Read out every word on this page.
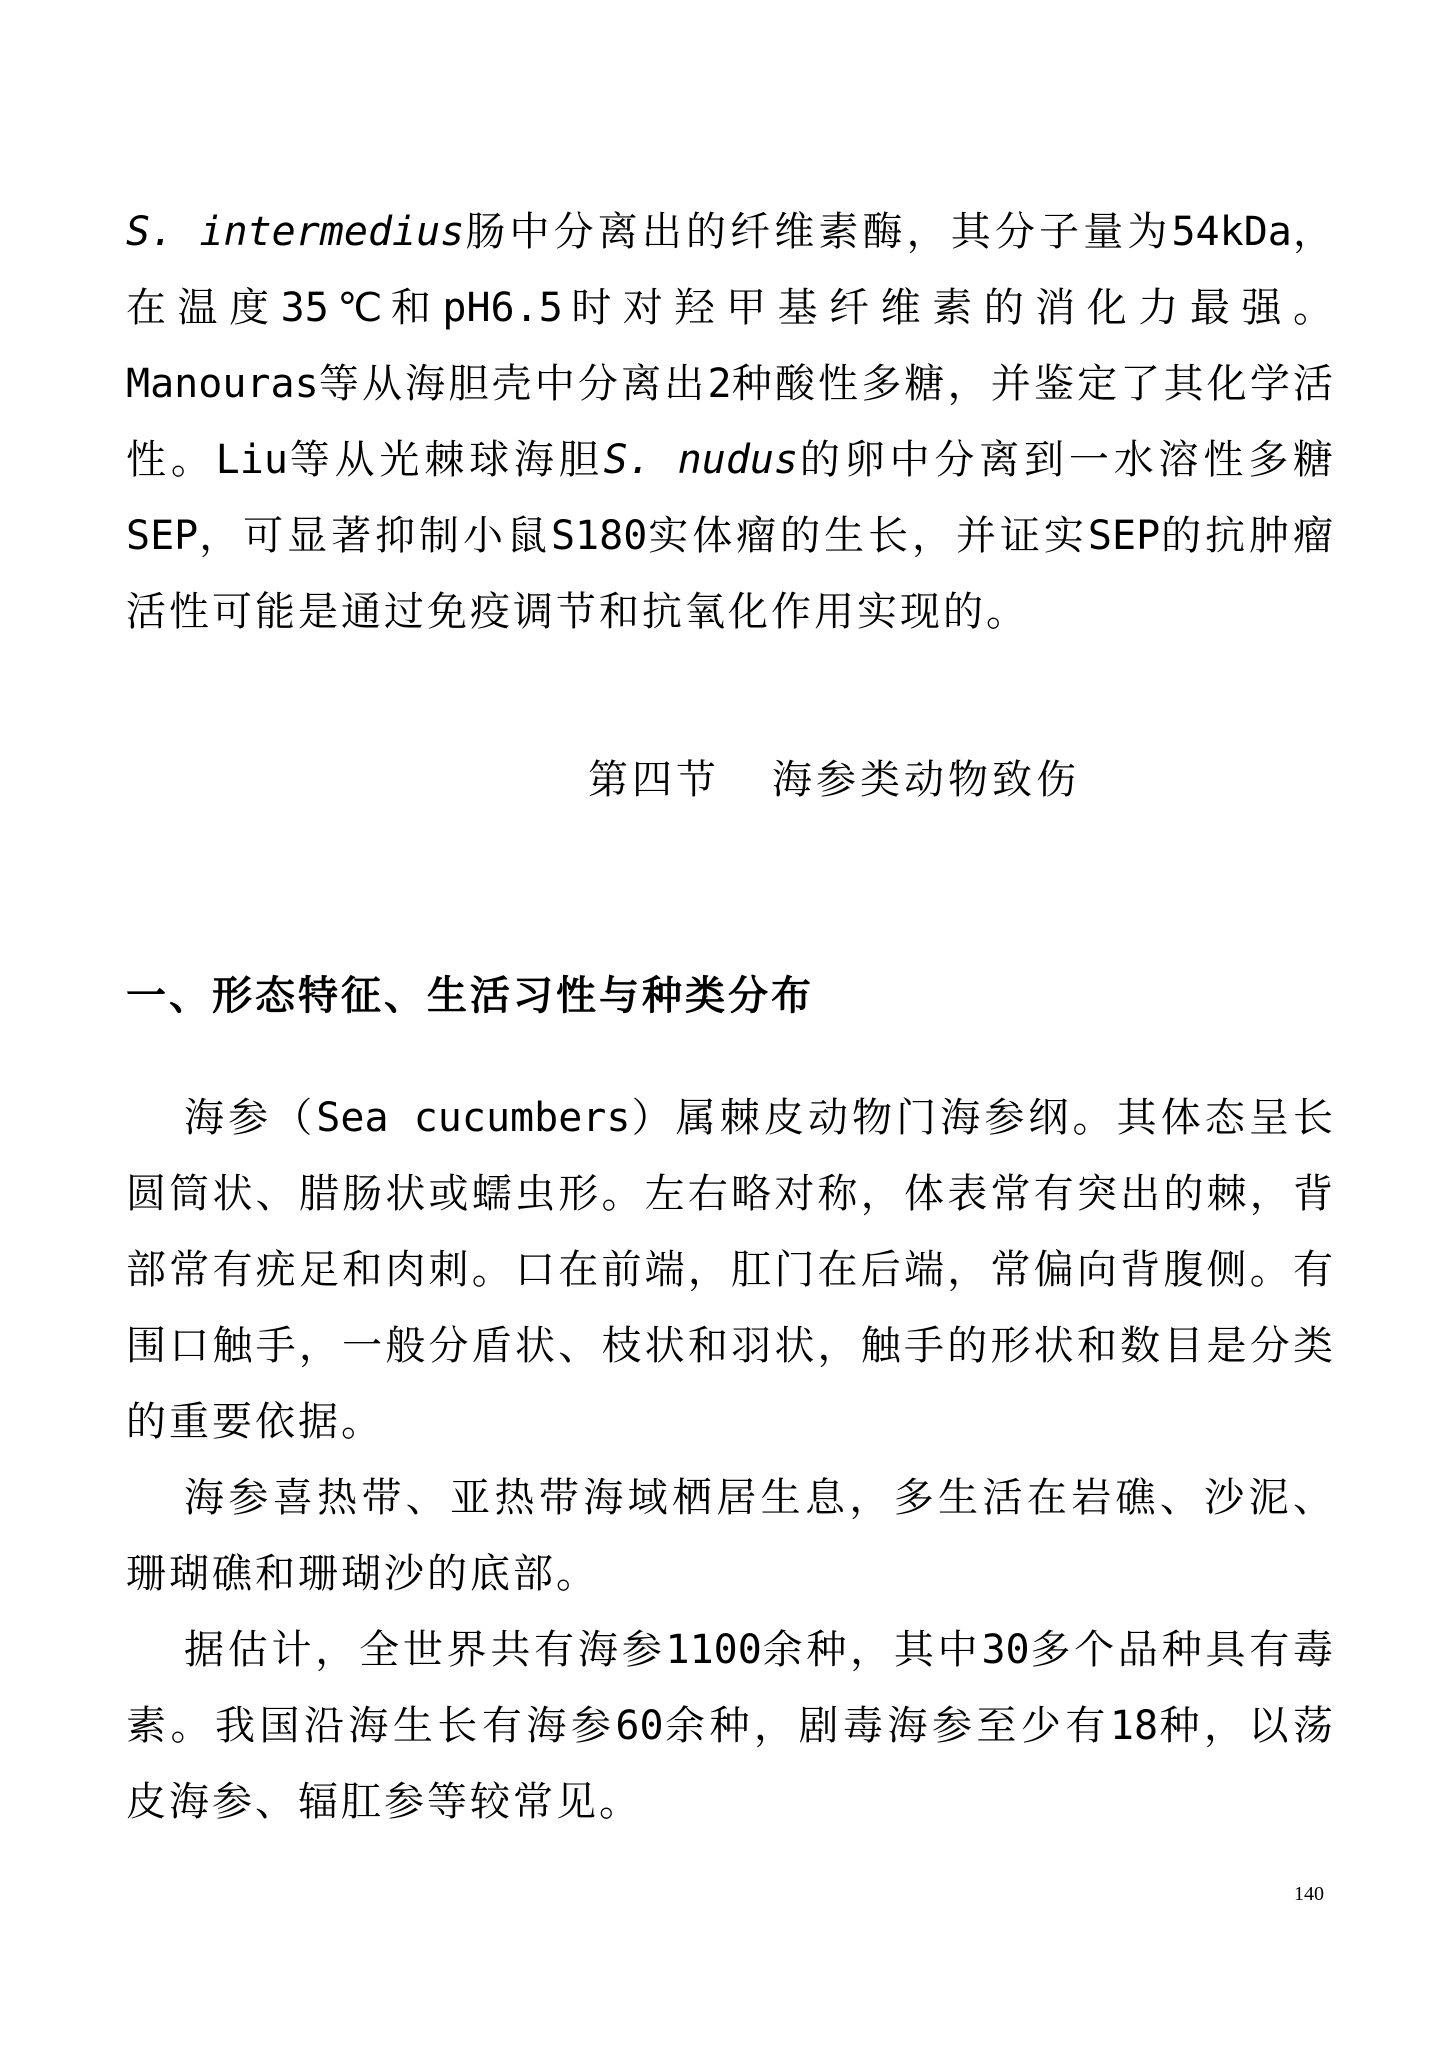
S. intermedius肠中分离出的纤维素酶，其分子量为54kDa，在温度35℃和pH6.5时对羟甲基纤维素的消化力最强。Manouras等从海胆壳中分离出2种酸性多糖，并鉴定了其化学活性。Liu等从光棘球海胆S. nudus的卵中分离到一水溶性多糖SEP，可显著抑制小鼠S180实体瘤的生长，并证实SEP的抗肿瘤活性可能是通过免疫调节和抗氧化作用实现的。

第四节 海参类动物致伤
一、形态特征、生活习性与种类分布

海参（Sea cucumbers）属棘皮动物门海参纲。其体态呈长圆筒状、腊肠状或蠕虫形。左右略对称，体表常有突出的棘，背部常有疣足和肉刺。口在前端，肛门在后端，常偏向背腹侧。有围口触手，一般分盾状、枝状和羽状，触手的形状和数目是分类的重要依据。

海参喜热带、亚热带海域栖居生息，多生活在岩礁、沙泥、珊瑚礁和珊瑚沙的底部。

据估计，全世界共有海参1100余种，其中30多个品种具有毒素。我国沿海生长有海参60余种，剧毒海参至少有18种，以荡皮海参、辐肛参等较常见。

140
